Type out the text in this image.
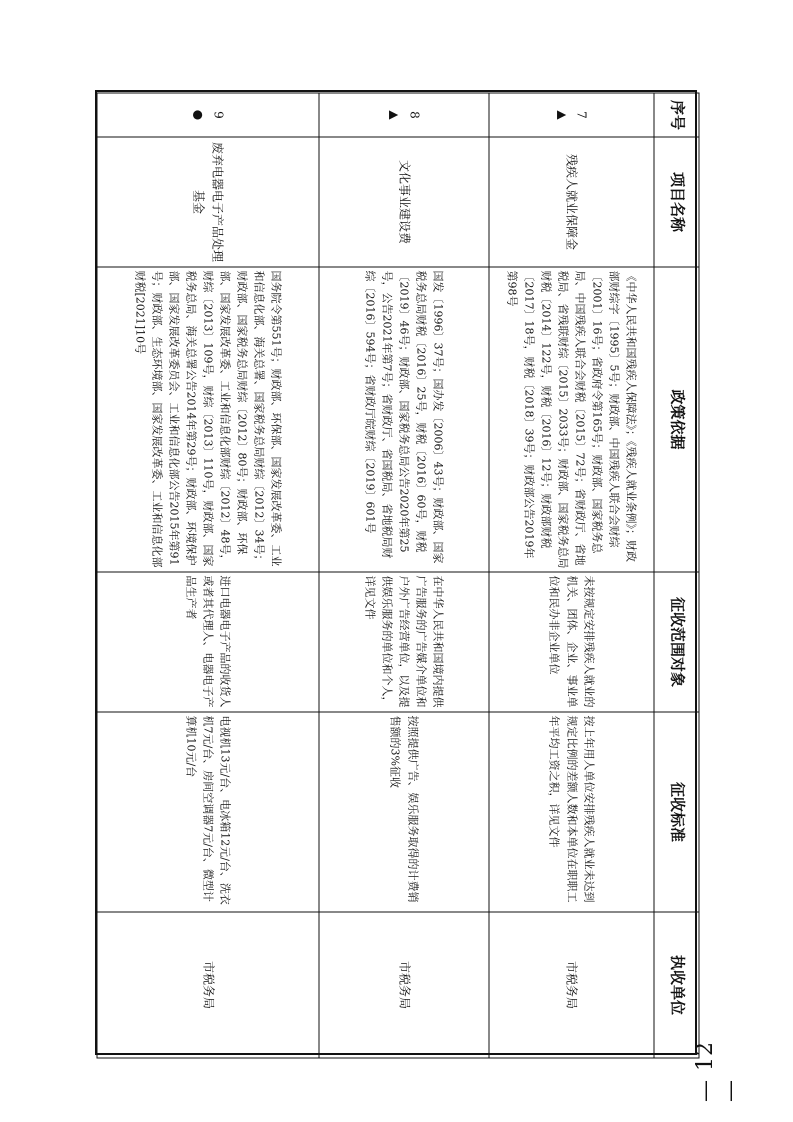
— 12 —
序号	项目名称	政策依据	征收范围对象	征收标准	执收单位

7
▲	残疾人就业保障金	《中华人民共和国残疾人保障法》；《残疾人就业条例》；财政部财综字〔1995〕5号；财政部、中国残疾人联合会财综〔2001〕16号；省政府令第165号；财政部、国家税务总局、中国残疾人联合会财税〔2015〕72号；省财政厅、省地税局、省残联财综〔2015〕2033号；财政部、国家税务总局财税〔2014〕122号，财税〔2016〕12号；财政部财税〔2017〕18号，财税〔2018〕39号；财政部公告2019年第98号	未按规定安排残疾人就业的机关、团体、企业、事业单位和民办非企业单位	按上年用人单位安排残疾人就业未达到规定比例的差额人数和本单位在职职工年平均工资之积，详见文件	市税务局

8
▲	文化事业建设费	国发〔1996〕37号；国办发〔2006〕43号；财政部、国家税务总局财税〔2016〕25号，财税〔2016〕60号，财税〔2019〕46号；财政部、国家税务总局公告2020年第25号，公告2021年第7号；省财政厅、省国税局、省地税局财综〔2016〕594号；省财政厅皖财综〔2019〕601号	在中华人民共和国境内提供广告服务的广告媒介单位和户外广告经营单位，以及提供娱乐服务的单位和个人，详见文件	按照提供广告、娱乐服务取得的计费销售额的3%征收	市税务局

9
●	废弃电器电子产品处理基金	国务院令第551号；财政部、环保部、国家发展改革委、工业和信息化部、海关总署、国家税务总局财综〔2012〕34号；财政部、国家税务总局财综〔2012〕80号；财政部、环保部、国家发展改革委、工业和信息化部财综〔2012〕48号，财综〔2013〕109号，财综〔2013〕110号，财政部、国家税务总局、海关总署公告2014年第29号；财政部、环境保护部、国家发展改革委员会、工业和信息化部公告2015年第91号；财政部、生态环境部、国家发展改革委、工业和信息化部财税[2021]10号	进口电器电子产品的收货人或者其代理人、电器电子产品生产者	电视机13元/台、电冰箱12元/台、洗衣机7元/台、房间空调器7元/台、微型计算机10元/台	市税务局
